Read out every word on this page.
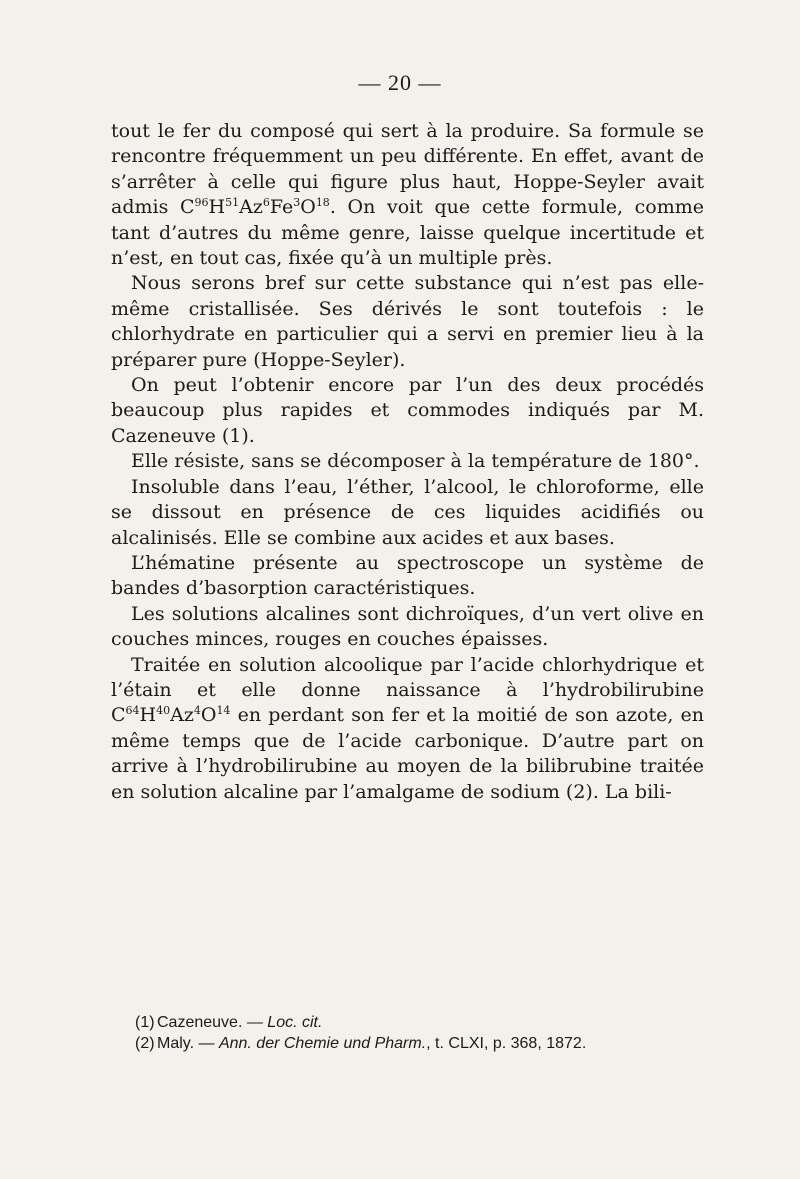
— 20 —

tout le fer du composé qui sert à la produire. Sa formule se rencontre fréquemment un peu différente. En effet, avant de s’arrêter à celle qui figure plus haut, Hoppe-Seyler avait admis $C^{96}H^{51}Az^6Fe^3O^{18}$. On voit que cette formule, comme tant d’autres du même genre, laisse quelque incertitude et n’est, en tout cas, fixée qu’à un multiple près.

Nous serons bref sur cette substance qui n’est pas elle-même cristallisée. Ses dérivés le sont toutefois : le chlorhydrate en particulier qui a servi en premier lieu à la préparer pure (Hoppe-Seyler).

On peut l’obtenir encore par l’un des deux procédés beaucoup plus rapides et commodes indiqués par M. Cazeneuve (1).

Elle résiste, sans se décomposer à la température de 180°.

Insoluble dans l’eau, l’éther, l’alcool, le chloroforme, elle se dissout en présence de ces liquides acidifiés ou alcalinisés. Elle se combine aux acides et aux bases.

L’hématine présente au spectroscope un système de bandes d’basorption caractéristiques.

Les solutions alcalines sont dichroïques, d’un vert olive en couches minces, rouges en couches épaisses.

Traitée en solution alcoolique par l’acide chlorhydrique et l’étain et elle donne naissance à l’hydrobilirubine $C^{64}H^{40}Az^4O^{14}$ en perdant son fer et la moitié de son azote, en même temps que de l’acide carbonique. D’autre part on arrive à l’hydrobilirubine au moyen de la bilibrubine traitée en solution alcaline par l’amalgame de sodium (2). La bili-

(1) Cazeneuve. — Loc. cit.

(2) Maly. — Ann. der Chemie und Pharm., t. CLXI, p. 368, 1872.
